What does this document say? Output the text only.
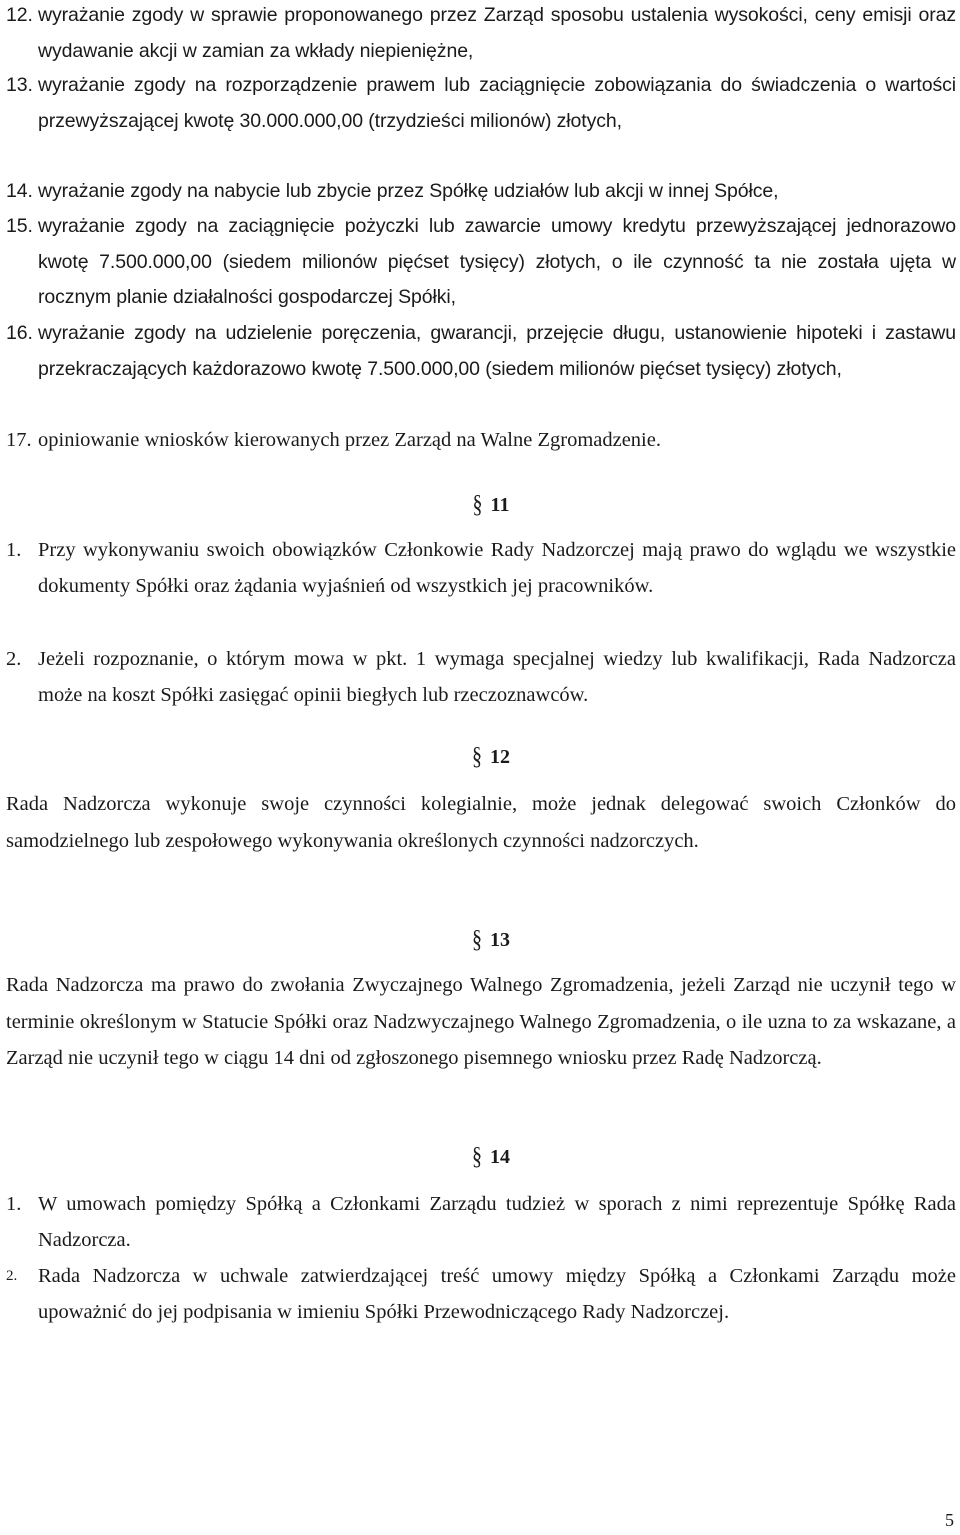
12. wyrażanie zgody w sprawie proponowanego przez Zarząd sposobu ustalenia wysokości, ceny emisji oraz wydawanie akcji w zamian za wkłady niepieniężne,
13. wyrażanie zgody na rozporządzenie prawem lub zaciągnięcie zobowiązania do świadczenia o wartości przewyższającej kwotę 30.000.000,00 (trzydzieści milionów) złotych,
14. wyrażanie zgody na nabycie lub zbycie przez Spółkę udziałów lub akcji w innej Spółce,
15. wyrażanie zgody na zaciągnięcie pożyczki lub zawarcie umowy kredytu przewyższającej jednorazowo kwotę 7.500.000,00 (siedem milionów pięćset tysięcy) złotych, o ile czynność ta nie została ujęta w rocznym planie działalności gospodarczej Spółki,
16. wyrażanie zgody na udzielenie poręczenia, gwarancji, przejęcie długu, ustanowienie hipoteki i zastawu przekraczających każdorazowo kwotę 7.500.000,00 (siedem milionów pięćset tysięcy) złotych,
17. opiniowanie wniosków kierowanych przez Zarząd na Walne Zgromadzenie.
§ 11
1. Przy wykonywaniu swoich obowiązków Członkowie Rady Nadzorczej mają prawo do wglądu we wszystkie dokumenty Spółki oraz żądania wyjaśnień od wszystkich jej pracowników.
2. Jeżeli rozpoznanie, o którym mowa w pkt. 1 wymaga specjalnej wiedzy lub kwalifikacji, Rada Nadzorcza może na koszt Spółki zasięgać opinii biegłych lub rzeczoznawców.
§ 12
Rada Nadzorcza wykonuje swoje czynności kolegialnie, może jednak delegować swoich Członków do samodzielnego lub zespołowego wykonywania określonych czynności nadzorczych.
§ 13
Rada Nadzorcza ma prawo do zwołania Zwyczajnego Walnego Zgromadzenia, jeżeli Zarząd nie uczynił tego w terminie określonym w Statucie Spółki oraz Nadzwyczajnego Walnego Zgromadzenia, o ile uzna to za wskazane, a Zarząd nie uczynił tego w ciągu 14 dni od zgłoszonego pisemnego wniosku przez Radę Nadzorczą.
§ 14
1. W umowach pomiędzy Spółką a Członkami Zarządu tudzież w sporach z nimi reprezentuje Spółkę Rada Nadzorcza.
2. Rada Nadzorcza w uchwale zatwierdzającej treść umowy między Spółką a Członkami Zarządu może upoważnić do jej podpisania w imieniu Spółki Przewodniczącego Rady Nadzorczej.
5
